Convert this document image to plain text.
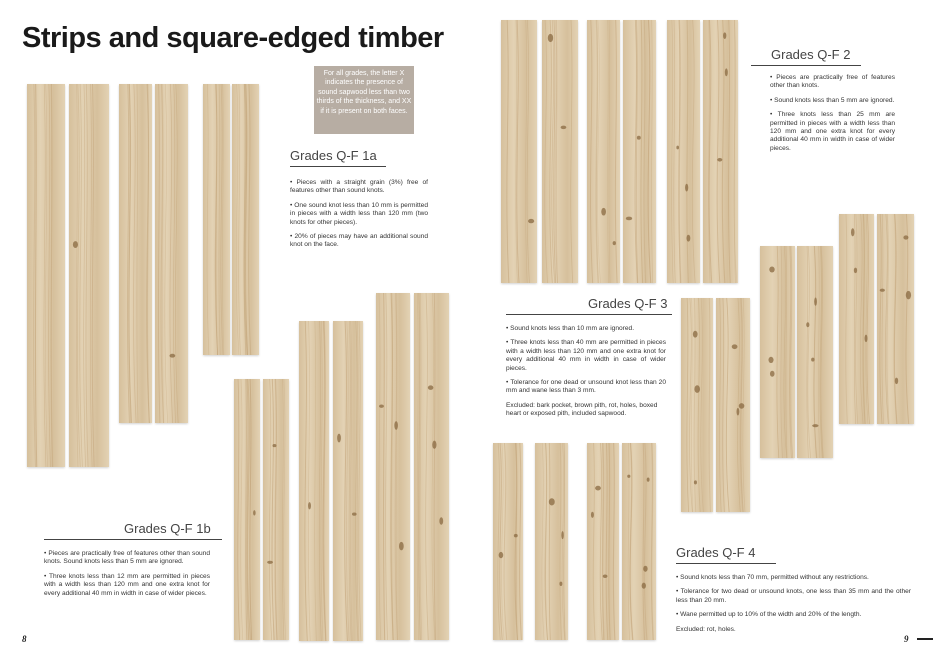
Strips and square-edged timber
For all grades, the letter X indicates the presence of sound sapwood less than two thirds of the thickness, and XX if it is present on both faces.
Grades Q-F 1a
• Pieces with a straight grain (3%) free of features other than sound knots.
• One sound knot less than 10 mm is permitted in pieces with a width less than 120 mm (two knots for other pieces).
• 20% of pieces may have an additional sound knot on the face.
Grades Q-F 1b
• Pieces are practically free of features other than sound knots. Sound knots less than 5 mm are ignored.
• Three knots less than 12 mm are permitted in pieces with a width less than 120 mm and one extra knot for every additional 40 mm in width in case of wider pieces.
Grades Q-F 2
• Pieces are practically free of features other than knots.
• Sound knots less than 5 mm are ignored.
• Three knots less than 25 mm are permitted in pieces with a width less than 120 mm and one extra knot for every additional 40 mm in width in case of wider pieces.
Grades Q-F 3
• Sound knots less than 10 mm are ignored.
• Three knots less than 40 mm are permitted in pieces with a width less than 120 mm and one extra knot for every additional 40 mm in width in case of wider pieces.
• Tolerance for one dead or unsound knot less than 20 mm and wane less than 3 mm.

Excluded: bark pocket, brown pith, rot, holes, boxed heart or exposed pith, included sapwood.

Grades Q-F 4
• Sound knots less than 70 mm, permitted without any restrictions.
• Tolerance for two dead or unsound knots, one less than 35 mm and the other less than 20 mm.
• Wane permitted up to 10% of the width and 20% of the length.

Excluded: rot, holes.

8	9
